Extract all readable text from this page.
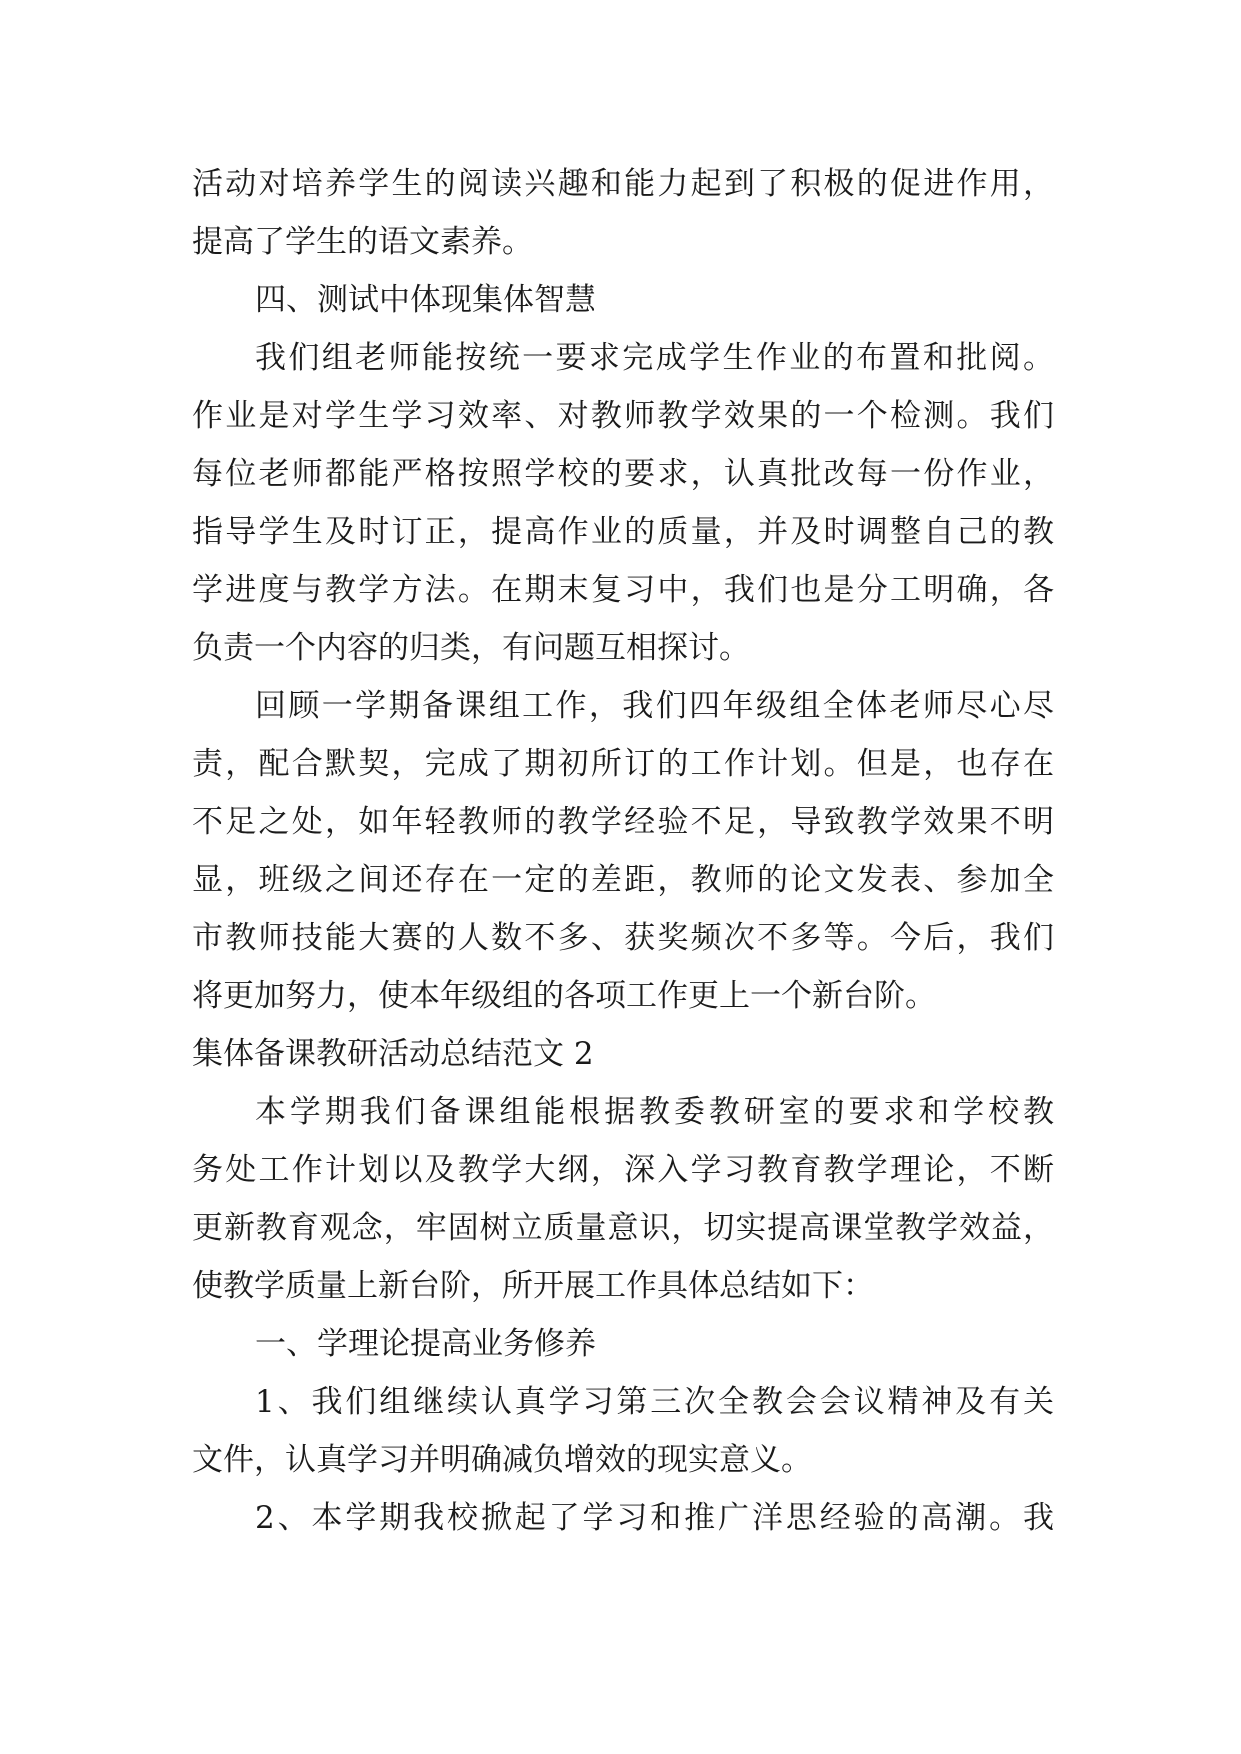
活动对培养学生的阅读兴趣和能力起到了积极的促进作用，
提高了学生的语文素养。
四、测试中体现集体智慧
我们组老师能按统一要求完成学生作业的布置和批阅。
作业是对学生学习效率、对教师教学效果的一个检测。我们
每位老师都能严格按照学校的要求，认真批改每一份作业，
指导学生及时订正，提高作业的质量，并及时调整自己的教
学进度与教学方法。在期末复习中，我们也是分工明确，各
负责一个内容的归类，有问题互相探讨。
回顾一学期备课组工作，我们四年级组全体老师尽心尽
责，配合默契，完成了期初所订的工作计划。但是，也存在
不足之处，如年轻教师的教学经验不足，导致教学效果不明
显，班级之间还存在一定的差距，教师的论文发表、参加全
市教师技能大赛的人数不多、获奖频次不多等。今后，我们
将更加努力，使本年级组的各项工作更上一个新台阶。
集体备课教研活动总结范文 2
本学期我们备课组能根据教委教研室的要求和学校教
务处工作计划以及教学大纲，深入学习教育教学理论，不断
更新教育观念，牢固树立质量意识，切实提高课堂教学效益，
使教学质量上新台阶，所开展工作具体总结如下：
一、学理论提高业务修养
1、我们组继续认真学习第三次全教会会议精神及有关
文件，认真学习并明确减负增效的现实意义。
2、本学期我校掀起了学习和推广洋思经验的高潮。我
